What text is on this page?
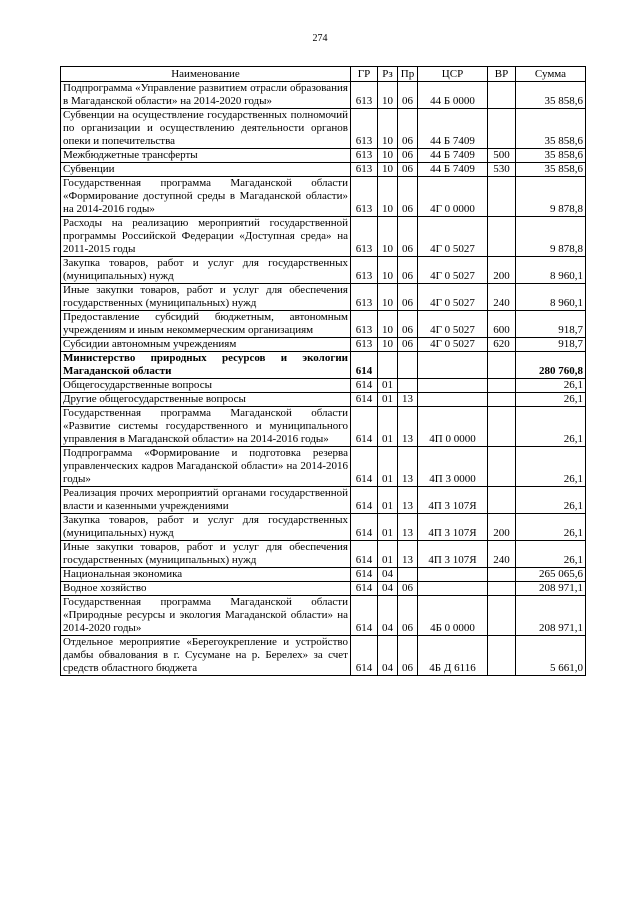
274
Наименование	ГР	Рз	Пр	ЦСР	ВР	Сумма
Подпрограмма «Управление развитием отрасли образования в Магаданской области» на 2014-2020 годы»	613	10	06	44 Б 0000		35 858,6
Субвенции на осуществление государственных полномочий по организации и осуществлению деятельности органов опеки и попечительства	613	10	06	44 Б 7409		35 858,6
Межбюджетные трансферты	613	10	06	44 Б 7409	500	35 858,6
Субвенции	613	10	06	44 Б 7409	530	35 858,6
Государственная программа Магаданской области «Формирование доступной среды в Магаданской области» на 2014-2016 годы»	613	10	06	4Г 0 0000		9 878,8
Расходы на реализацию мероприятий государственной программы Российской Федерации «Доступная среда» на 2011-2015 годы	613	10	06	4Г 0 5027		9 878,8
Закупка товаров, работ и услуг для государственных (муниципальных) нужд	613	10	06	4Г 0 5027	200	8 960,1
Иные закупки товаров, работ и услуг для обеспечения государственных (муниципальных) нужд	613	10	06	4Г 0 5027	240	8 960,1
Предоставление субсидий бюджетным, автономным учреждениям и иным некоммерческим организациям	613	10	06	4Г 0 5027	600	918,7
Субсидии автономным учреждениям	613	10	06	4Г 0 5027	620	918,7
Министерство природных ресурсов и экологии Магаданской области	614					280 760,8
Общегосударственные вопросы	614	01				26,1
Другие общегосударственные вопросы	614	01	13			26,1
Государственная программа Магаданской области «Развитие системы государственного и муниципального управления в Магаданской области» на 2014-2016 годы»	614	01	13	4П 0 0000		26,1
Подпрограмма «Формирование и подготовка резерва управленческих кадров Магаданской области» на 2014-2016 годы»	614	01	13	4П 3 0000		26,1
Реализация прочих мероприятий органами государственной власти и казенными учреждениями	614	01	13	4П 3 107Я		26,1
Закупка товаров, работ и услуг для государственных (муниципальных) нужд	614	01	13	4П 3 107Я	200	26,1
Иные закупки товаров, работ и услуг для обеспечения государственных (муниципальных) нужд	614	01	13	4П 3 107Я	240	26,1
Национальная экономика	614	04				265 065,6
Водное хозяйство	614	04	06			208 971,1
Государственная программа Магаданской области «Природные ресурсы и экология Магаданской области» на 2014-2020 годы»	614	04	06	4Б 0 0000		208 971,1
Отдельное мероприятие «Берегоукрепление и устройство дамбы обвалования в г. Сусумане на р. Берелех» за счет средств областного бюджета	614	04	06	4Б Д 6116		5 661,0
